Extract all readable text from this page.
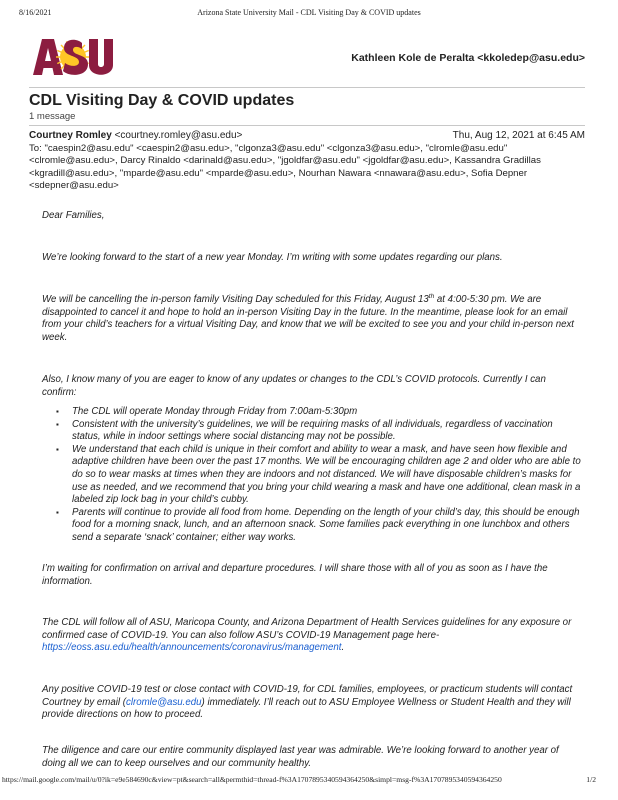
8/16/2021	Arizona State University Mail - CDL Visiting Day & COVID updates
Kathleen Kole de Peralta <kkoledep@asu.edu>
CDL Visiting Day & COVID updates
1 message
Courtney Romley <courtney.romley@asu.edu>	Thu, Aug 12, 2021 at 6:45 AM
To: "caespin2@asu.edu" <caespin2@asu.edu>, "clgonza3@asu.edu" <clgonza3@asu.edu>, "clromle@asu.edu" <clromle@asu.edu>, Darcy Rinaldo <darinald@asu.edu>, "jgoldfar@asu.edu" <jgoldfar@asu.edu>, Kassandra Gradillas <kgradill@asu.edu>, "mparde@asu.edu" <mparde@asu.edu>, Nourhan Nawara <nnawara@asu.edu>, Sofia Depner <sdepner@asu.edu>

Dear Families,

We’re looking forward to the start of a new year Monday. I’m writing with some updates regarding our plans.

We will be cancelling the in-person family Visiting Day scheduled for this Friday, August 13th at 4:00-5:30 pm. We are disappointed to cancel it and hope to hold an in-person Visiting Day in the future. In the meantime, please look for an email from your child’s teachers for a virtual Visiting Day, and know that we will be excited to see you and your child in-person next week.

Also, I know many of you are eager to know of any updates or changes to the CDL’s COVID protocols. Currently I can confirm:

▪ The CDL will operate Monday through Friday from 7:00am-5:30pm
▪ Consistent with the university’s guidelines, we will be requiring masks of all individuals, regardless of vaccination status, while in indoor settings where social distancing may not be possible.
▪ We understand that each child is unique in their comfort and ability to wear a mask, and have seen how flexible and adaptive children have been over the past 17 months. We will be encouraging children age 2 and older who are able to do so to wear masks at times when they are indoors and not distanced. We will have disposable children’s masks for use as needed, and we recommend that you bring your child wearing a mask and have one additional, clean mask in a labeled zip lock bag in your child’s cubby.
▪ Parents will continue to provide all food from home. Depending on the length of your child’s day, this should be enough food for a morning snack, lunch, and an afternoon snack. Some families pack everything in one lunchbox and others send a separate ‘snack’ container; either way works.

I’m waiting for confirmation on arrival and departure procedures. I will share those with all of you as soon as I have the information.

The CDL will follow all of ASU, Maricopa County, and Arizona Department of Health Services guidelines for any exposure or confirmed case of COVID-19. You can also follow ASU’s COVID-19 Management page here-
https://eoss.asu.edu/health/announcements/coronavirus/management.

Any positive COVID-19 test or close contact with COVID-19, for CDL families, employees, or practicum students will contact Courtney by email (clromle@asu.edu) immediately. I’ll reach out to ASU Employee Wellness or Student Health and they will provide directions on how to proceed.

The diligence and care our entire community displayed last year was admirable. We’re looking forward to another year of doing all we can to keep ourselves and our community healthy.

https://mail.google.com/mail/u/0?ik=e9e584690c&view=pt&search=all&permthid=thread-f%3A1707895340594364250&simpl=msg-f%3A1707895340594364250	1/2
